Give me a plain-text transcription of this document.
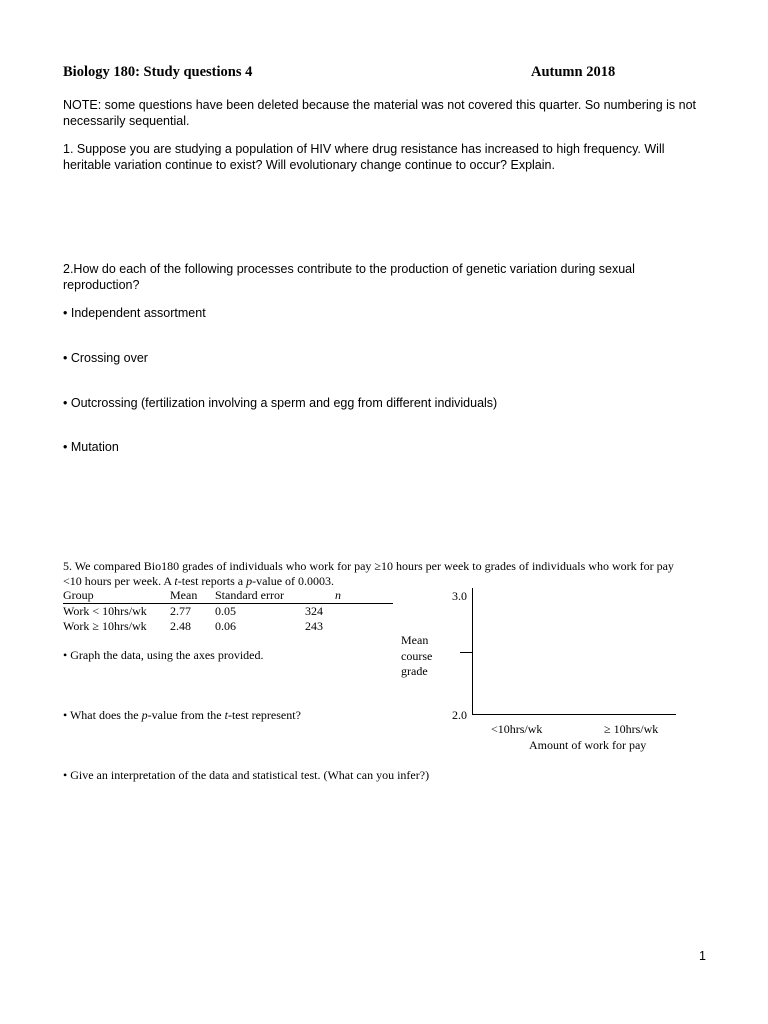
Biology 180: Study questions 4	Autumn 2018
NOTE: some questions have been deleted because the material was not covered this quarter. So numbering is not necessarily sequential.
1. Suppose you are studying a population of HIV where drug resistance has increased to high frequency. Will heritable variation continue to exist? Will evolutionary change continue to occur? Explain.
2.How do each of the following processes contribute to the production of genetic variation during sexual reproduction?
• Independent assortment
• Crossing over
• Outcrossing (fertilization involving a sperm and egg from different individuals)
• Mutation
5. We compared Bio180 grades of individuals who work for pay ≥10 hours per week to grades of individuals who work for pay <10 hours per week. A t-test reports a p-value of 0.0003.
Group	Mean	Standard error	n
Work < 10hrs/wk	2.77	0.05	324
Work ≥ 10hrs/wk	2.48	0.06	243
• Graph the data, using the axes provided.
• What does the p-value from the t-test represent?
• Give an interpretation of the data and statistical test. (What can you infer?)
3.0
2.0
Mean
course
grade
<10hrs/wk	≥ 10hrs/wk
Amount of work for pay
1
